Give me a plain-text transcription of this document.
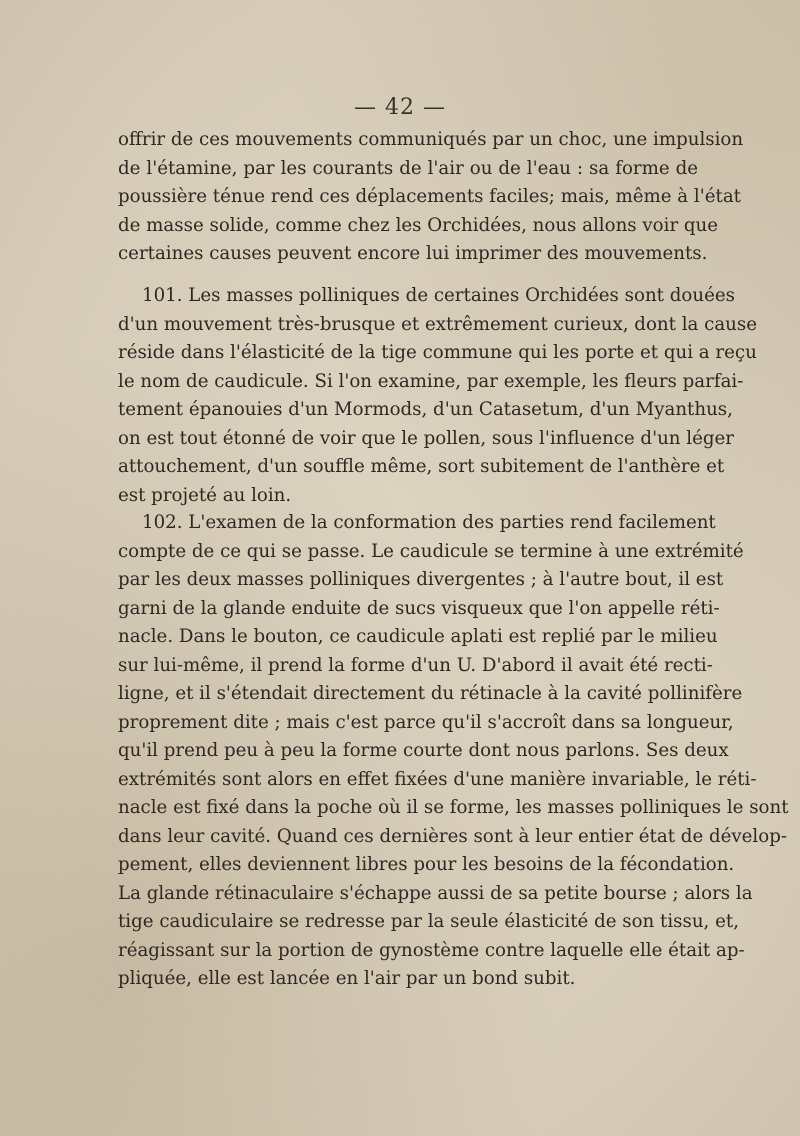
— 42 —
offrir de ces mouvements communiqués par un choc, une impulsion
de l'étamine, par les courants de l'air ou de l'eau : sa forme de
poussière ténue rend ces déplacements faciles; mais, même à l'état
de masse solide, comme chez les Orchidées, nous allons voir que
certaines causes peuvent encore lui imprimer des mouvements.
101. Les masses polliniques de certaines Orchidées sont douées
d'un mouvement très-brusque et extrêmement curieux, dont la cause
réside dans l'élasticité de la tige commune qui les porte et qui a reçu
le nom de caudicule. Si l'on examine, par exemple, les fleurs parfai-
tement épanouies d'un Mormods, d'un Catasetum, d'un Myanthus,
on est tout étonné de voir que le pollen, sous l'influence d'un léger
attouchement, d'un souffle même, sort subitement de l'anthère et
est projeté au loin.
102. L'examen de la conformation des parties rend facilement
compte de ce qui se passe. Le caudicule se termine à une extrémité
par les deux masses polliniques divergentes ; à l'autre bout, il est
garni de la glande enduite de sucs visqueux que l'on appelle réti-
nacle. Dans le bouton, ce caudicule aplati est replié par le milieu
sur lui-même, il prend la forme d'un U. D'abord il avait été recti-
ligne, et il s'étendait directement du rétinacle à la cavité pollinifère
proprement dite ; mais c'est parce qu'il s'accroît dans sa longueur,
qu'il prend peu à peu la forme courte dont nous parlons. Ses deux
extrémités sont alors en effet fixées d'une manière invariable, le réti-
nacle est fixé dans la poche où il se forme, les masses polliniques le sont
dans leur cavité. Quand ces dernières sont à leur entier état de dévelop-
pement, elles deviennent libres pour les besoins de la fécondation.
La glande rétinaculaire s'échappe aussi de sa petite bourse ; alors la
tige caudiculaire se redresse par la seule élasticité de son tissu, et,
réagissant sur la portion de gynostème contre laquelle elle était ap-
pliquée, elle est lancée en l'air par un bond subit.
